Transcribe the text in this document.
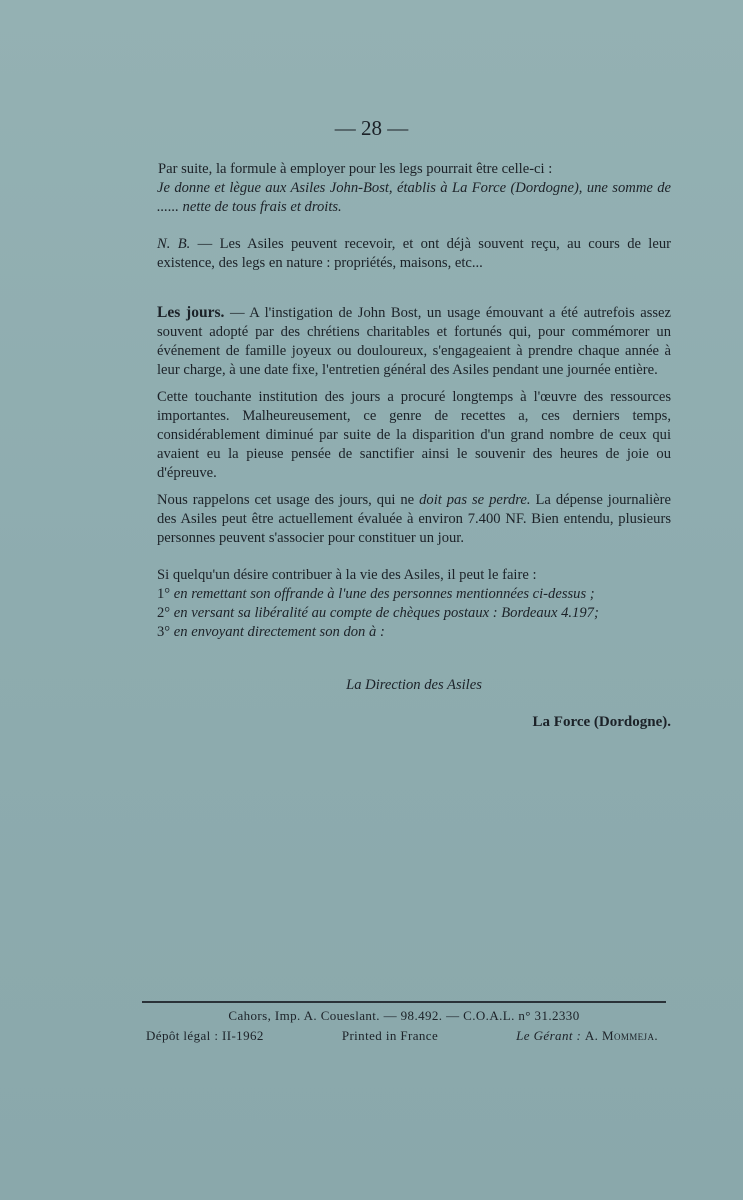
— 28 —

Par suite, la formule à employer pour les legs pourrait être celle-ci :

Je donne et lègue aux Asiles John-Bost, établis à La Force (Dordogne), une somme de ...... nette de tous frais et droits.

N. B. — Les Asiles peuvent recevoir, et ont déjà souvent reçu, au cours de leur existence, des legs en nature : propriétés, maisons, etc...

Les jours. — A l'instigation de John Bost, un usage émouvant a été autrefois assez souvent adopté par des chrétiens charitables et fortunés qui, pour commémorer un événement de famille joyeux ou douloureux, s'engageaient à prendre chaque année à leur charge, à une date fixe, l'entretien général des Asiles pendant une journée entière.

Cette touchante institution des jours a procuré longtemps à l'œuvre des ressources importantes. Malheureusement, ce genre de recettes a, ces derniers temps, considérablement diminué par suite de la disparition d'un grand nombre de ceux qui avaient eu la pieuse pensée de sanctifier ainsi le souvenir des heures de joie ou d'épreuve.

Nous rappelons cet usage des jours, qui ne doit pas se perdre. La dépense journalière des Asiles peut être actuellement évaluée à environ 7.400 NF. Bien entendu, plusieurs personnes peuvent s'associer pour constituer un jour.

Si quelqu'un désire contribuer à la vie des Asiles, il peut le faire :

1° en remettant son offrande à l'une des personnes mentionnées ci-dessus ;

2° en versant sa libéralité au compte de chèques postaux : Bordeaux 4.197;

3° en envoyant directement son don à :

La Direction des Asiles

La Force (Dordogne).

Cahors, Imp. A. Coueslant. — 98.492. — C.O.A.L. n° 31.2330
Dépôt légal : II-1962	Printed in France	Le Gérant : A. Mommeja.
